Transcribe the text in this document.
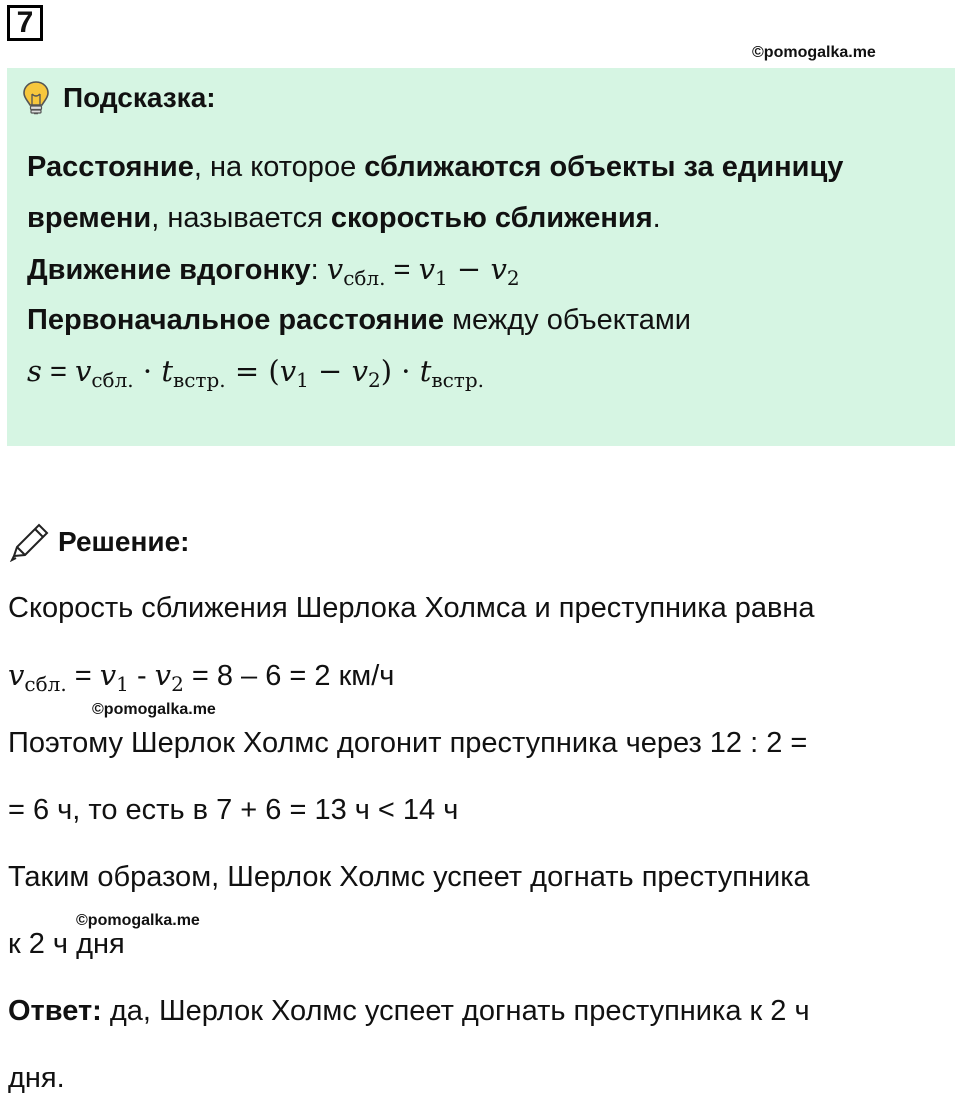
7
©pomogalka.me
Подсказка:
Расстояние, на которое сближаются объекты за единицу
времени, называется скоростью сближения.
Движение вдогонку: $v_{сбл.} = v_1 - v_2$
Первоначальное расстояние между объектами
$s = v_{сбл.} \cdot t_{встр.} = (v_1 - v_2) \cdot t_{встр.}$
Решение:
Скорость сближения Шерлока Холмса и преступника равна
$v_{сбл.} = v_1 - v_2 = 8 - 6 = 2$ км/ч
©pomogalka.me
Поэтому Шерлок Холмс догонит преступника через 12 : 2 =
= 6 ч, то есть в 7 + 6 = 13 ч < 14 ч
Таким образом, Шерлок Холмс успеет догнать преступника
©pomogalka.me
к 2 ч дня
Ответ: да, Шерлок Холмс успеет догнать преступника к 2 ч
дня.
